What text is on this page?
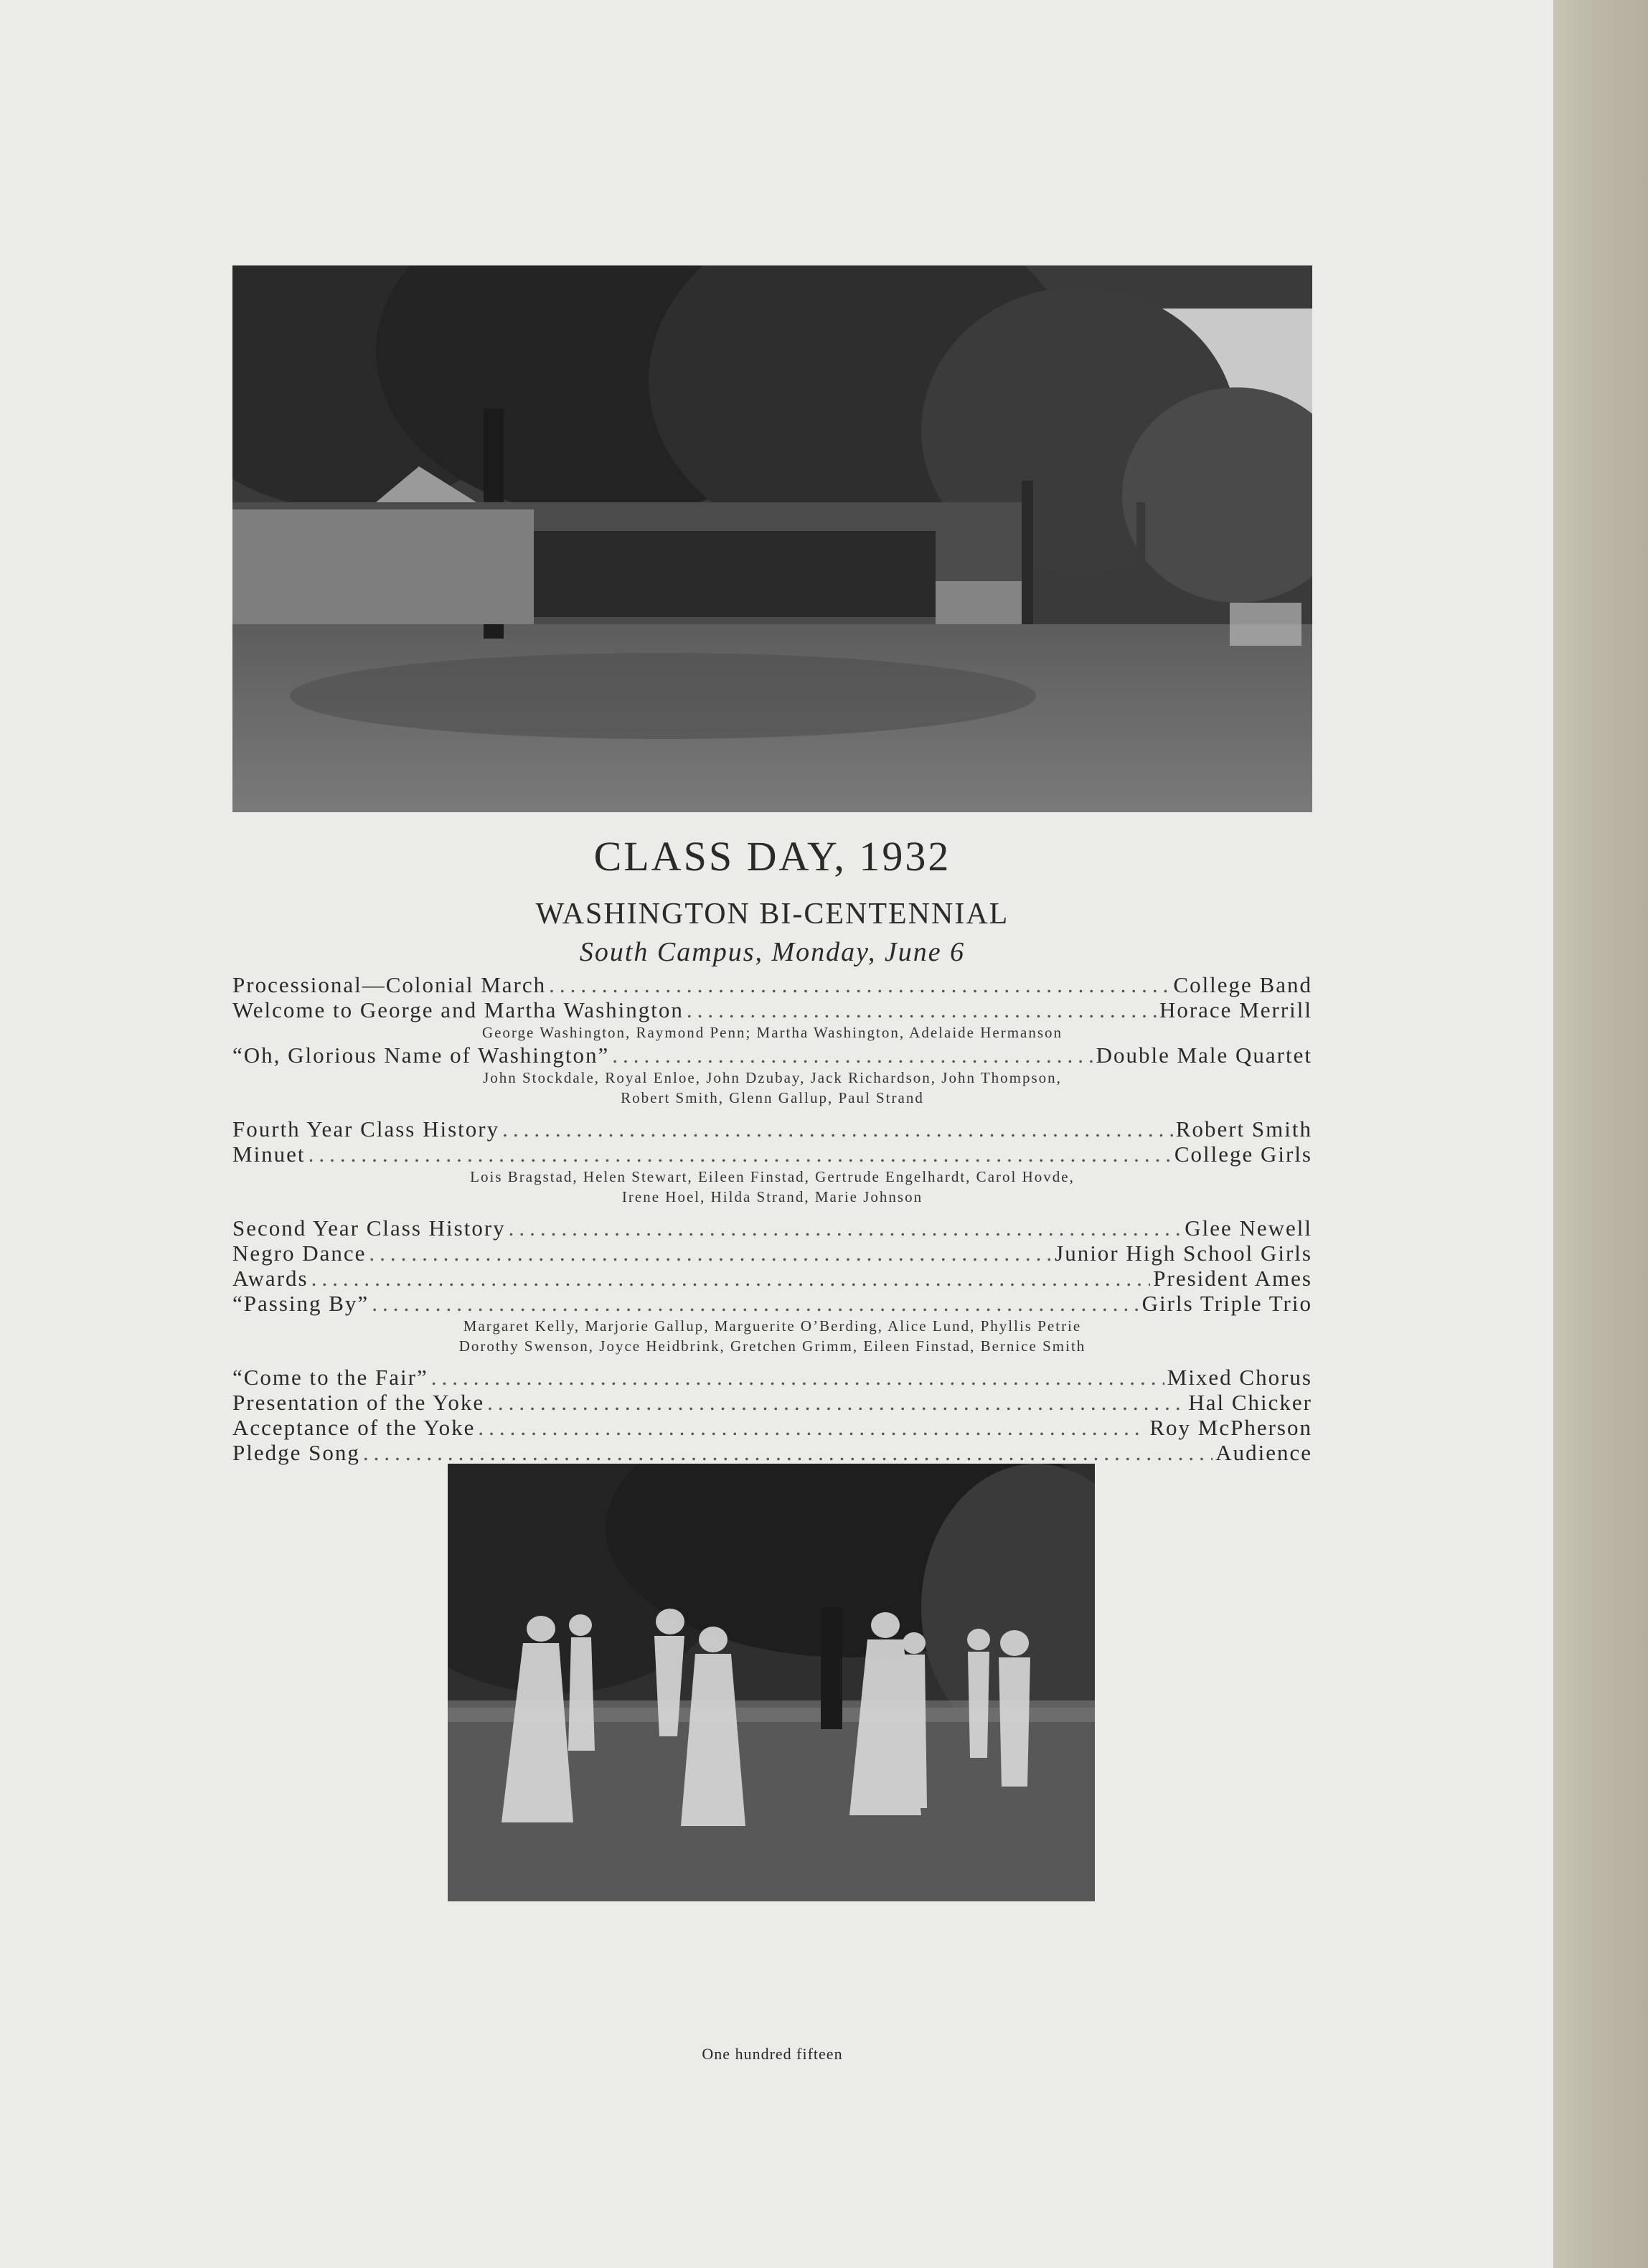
CLASS DAY, 1932
WASHINGTON BI-CENTENNIAL
South Campus, Monday, June 6
Processional—Colonial March .....	College Band
Welcome to George and Martha Washington .....	Horace Merrill
George Washington, Raymond Penn; Martha Washington, Adelaide Hermanson
“Oh, Glorious Name of Washington” .....	Double Male Quartet
John Stockdale, Royal Enloe, John Dzubay, Jack Richardson, John Thompson,
Robert Smith, Glenn Gallup, Paul Strand
Fourth Year Class History .....	Robert Smith
Minuet .....	College Girls
Lois Bragstad, Helen Stewart, Eileen Finstad, Gertrude Engelhardt, Carol Hovde,
Irene Hoel, Hilda Strand, Marie Johnson
Second Year Class History .....	Glee Newell
Negro Dance .....	Junior High School Girls
Awards .....	President Ames
“Passing By” .....	Girls Triple Trio
Margaret Kelly, Marjorie Gallup, Marguerite O’Berding, Alice Lund, Phyllis Petrie
Dorothy Swenson, Joyce Heidbrink, Gretchen Grimm, Eileen Finstad, Bernice Smith
“Come to the Fair” .....	Mixed Chorus
Presentation of the Yoke .....	Hal Chicker
Acceptance of the Yoke .....	Roy McPherson
Pledge Song .....	Audience
One hundred fifteen
